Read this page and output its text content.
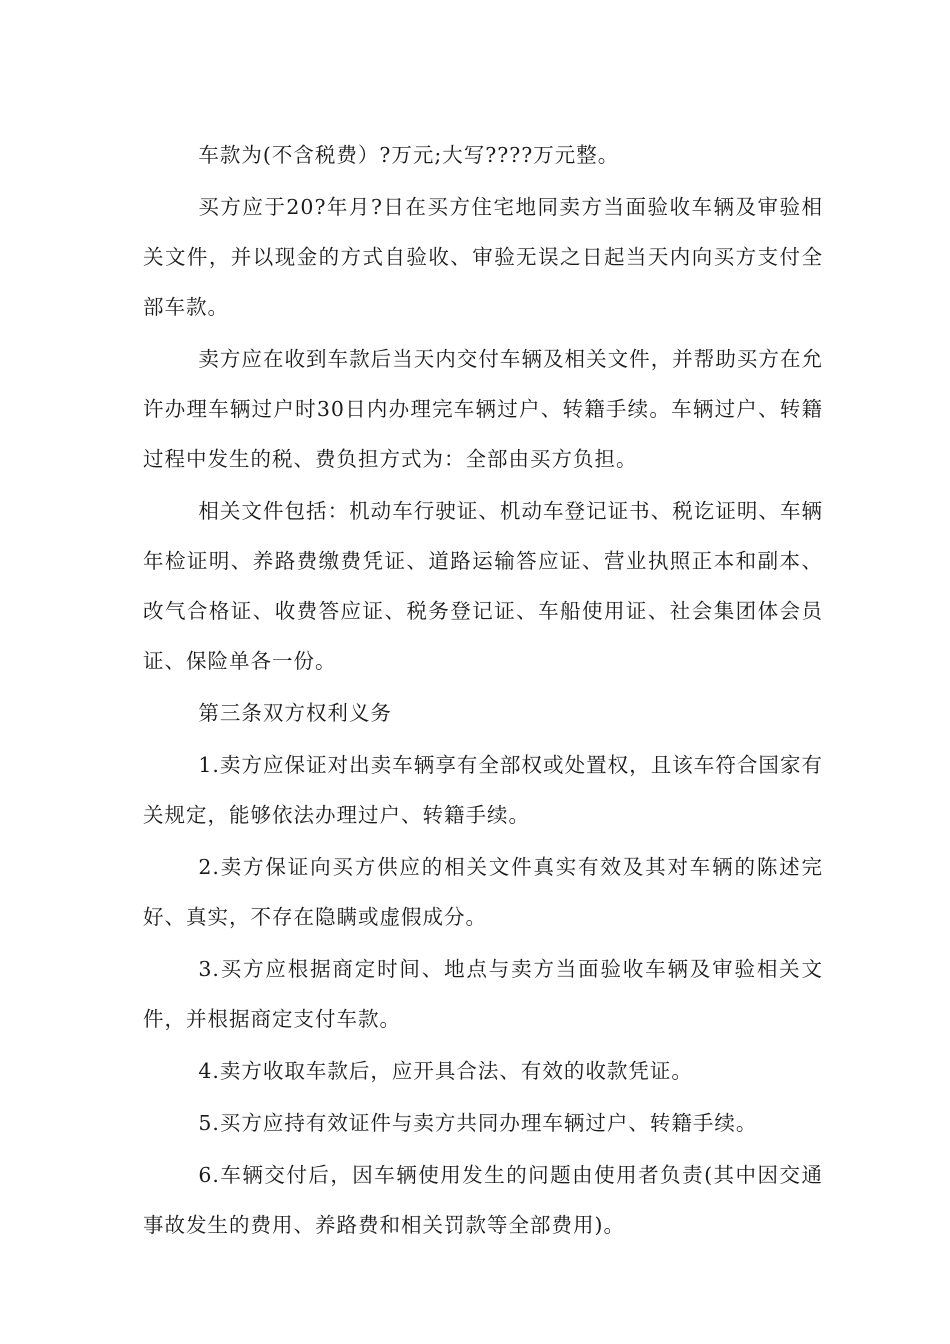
车款为(不含税费）?万元;大写????万元整。

买方应于20?年月?日在买方住宅地同卖方当面验收车辆及审验相关文件，并以现金的方式自验收、审验无误之日起当天内向买方支付全部车款。

卖方应在收到车款后当天内交付车辆及相关文件，并帮助买方在允许办理车辆过户时30日内办理完车辆过户、转籍手续。车辆过户、转籍过程中发生的税、费负担方式为：全部由买方负担。

相关文件包括：机动车行驶证、机动车登记证书、税讫证明、车辆年检证明、养路费缴费凭证、道路运输答应证、营业执照正本和副本、改气合格证、收费答应证、税务登记证、车船使用证、社会集团体会员证、保险单各一份。

第三条双方权利义务

1.卖方应保证对出卖车辆享有全部权或处置权，且该车符合国家有关规定，能够依法办理过户、转籍手续。

2.卖方保证向买方供应的相关文件真实有效及其对车辆的陈述完好、真实，不存在隐瞒或虚假成分。

3.买方应根据商定时间、地点与卖方当面验收车辆及审验相关文件，并根据商定支付车款。

4.卖方收取车款后，应开具合法、有效的收款凭证。

5.买方应持有效证件与卖方共同办理车辆过户、转籍手续。

6.车辆交付后，因车辆使用发生的问题由使用者负责(其中因交通事故发生的费用、养路费和相关罚款等全部费用)。
